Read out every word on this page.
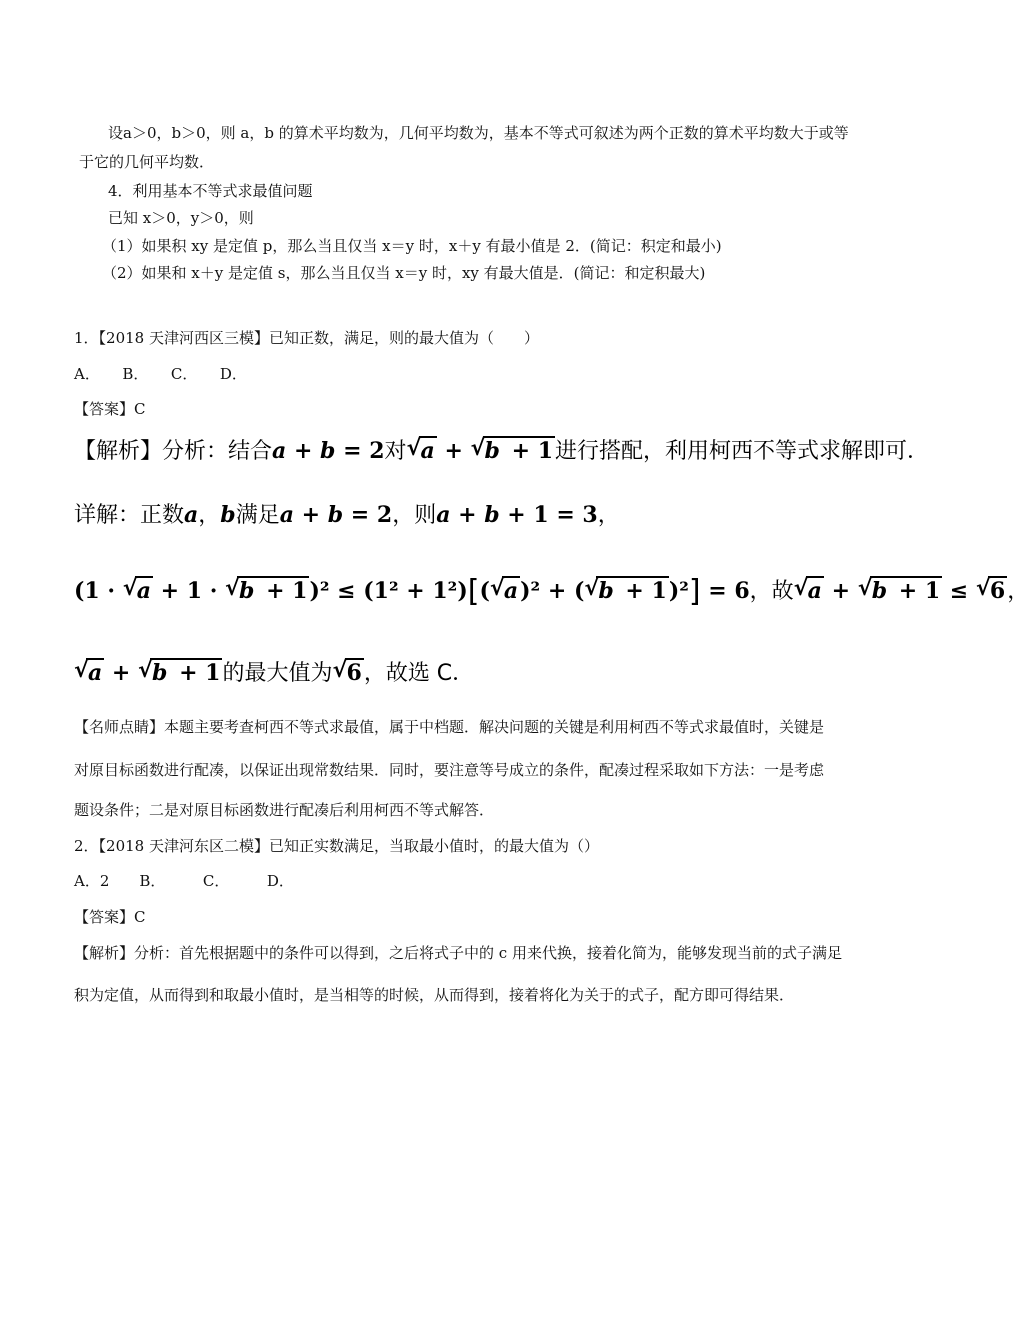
设a＞0，b＞0，则 a，b 的算术平均数为，几何平均数为，基本不等式可叙述为两个正数的算术平均数大于或等
于它的几何平均数．
4．利用基本不等式求最值问题
已知 x＞0，y＞0，则
（1）如果积 xy 是定值 p，那么当且仅当 x＝y 时，x＋y 有最小值是 2．(简记：积定和最小)
（2）如果和 x＋y 是定值 s，那么当且仅当 x＝y 时，xy 有最大值是．(简记：和定积最大)
1．【2018 天津河西区三模】已知正数，满足，则的最大值为（　　）
A．　　B．　　C．　　D．
【答案】C
【解析】分析：结合a + b = 2对 √ a + √ b + 1进行搭配，利用柯西不等式求解即可．
详解：正数a，b满足a + b = 2，则a + b + 1 = 3，
(1 · √ a + 1 · √ b + 1)² ≤ (1² + 1²)[( √ a)² + ( √ b + 1)²] = 6，故 √ a + √ b + 1 ≤ √ 6，
√ a + √ b + 1的最大值为 √ 6，故选 C．
【名师点睛】本题主要考查柯西不等式求最值，属于中档题．解决问题的关键是利用柯西不等式求最值时，关键是
对原目标函数进行配凑，以保证出现常数结果．同时，要注意等号成立的条件，配凑过程采取如下方法：一是考虑
题设条件；二是对原目标函数进行配凑后利用柯西不等式解答．
2．【2018 天津河东区二模】已知正实数满足，当取最小值时，的最大值为（）
A．2　　B．　　　C．　　　D．
【答案】C
【解析】分析：首先根据题中的条件可以得到，之后将式子中的 c 用来代换，接着化简为，能够发现当前的式子满足
积为定值，从而得到和取最小值时，是当相等的时候，从而得到，接着将化为关于的式子，配方即可得结果．
